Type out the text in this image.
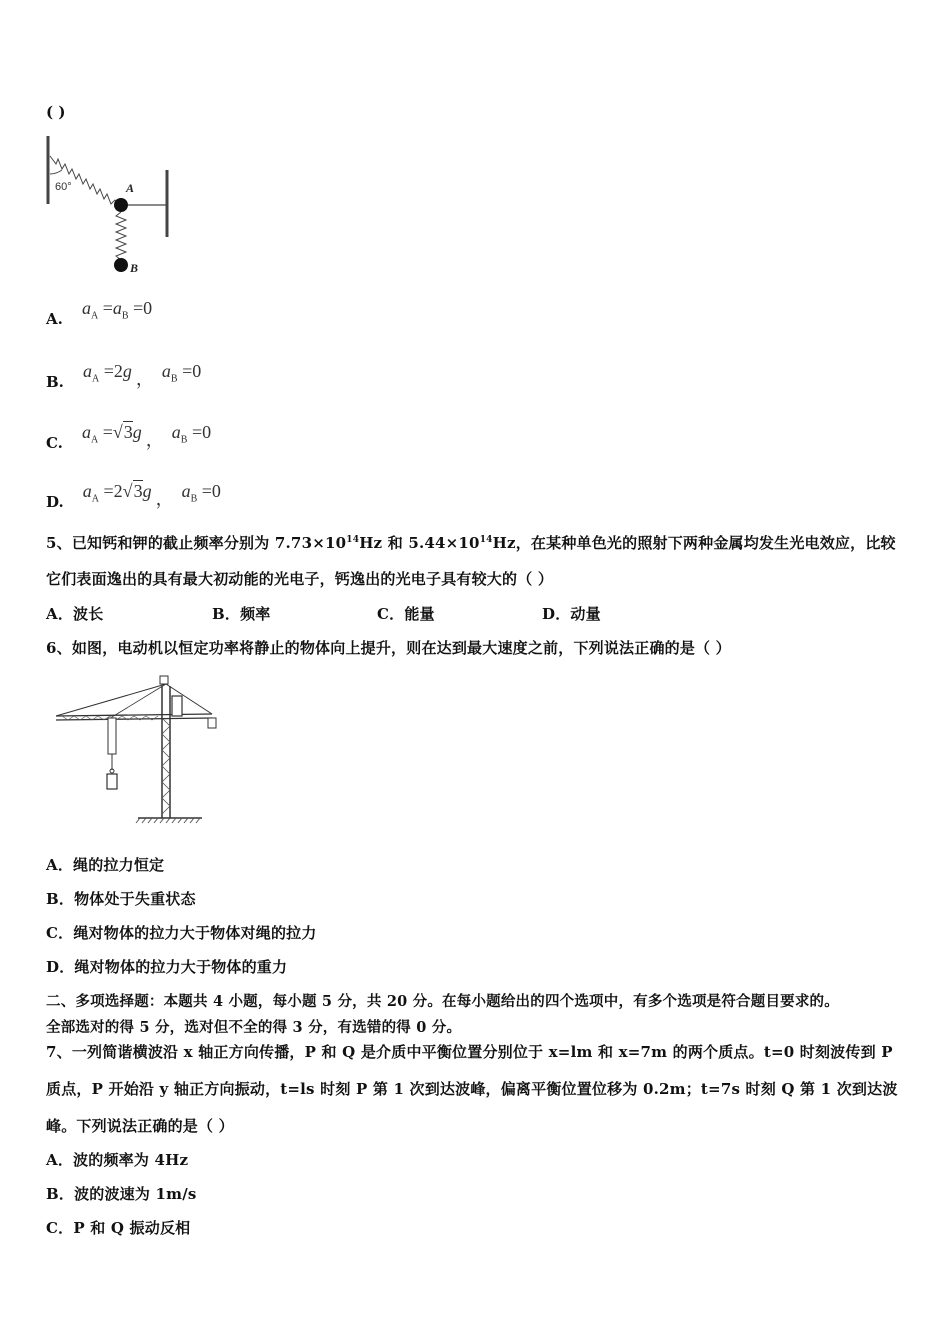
( )
60°	A
B
A. $a_A =a_B =0$
B. $a_A =2g$ ， $a_B =0$
C. $a_A =√3g$ ， $a_B =0$
D. $a_A =2√3g$ ， $a_B =0$
5、已知钙和钾的截止频率分别为 $7.73\times 10^{14}Hz$ 和 $5.44\times 10^{14}Hz$，在某种单色光的照射下两种金属均发生光电效应，比较
它们表面逸出的具有最大初动能的光电子，钙逸出的光电子具有较大的（ ）
A．波长	B．频率	C．能量	D．动量
6、如图，电动机以恒定功率将静止的物体向上提升，则在达到最大速度之前，下列说法正确的是（ ）
A．绳的拉力恒定
B．物体处于失重状态
C．绳对物体的拉力大于物体对绳的拉力
D．绳对物体的拉力大于物体的重力
二、多项选择题：本题共 4 小题，每小题 5 分，共 20 分。在每小题给出的四个选项中，有多个选项是符合题目要求的。
全部选对的得 5 分，选对但不全的得 3 分，有选错的得 0 分。
7、一列简谐横波沿 x 轴正方向传播，P 和 Q 是介质中平衡位置分别位于 x=lm 和 x=7m 的两个质点。t=0 时刻波传到 P
质点，P 开始沿 y 轴正方向振动，t=ls 时刻 P 第 1 次到达波峰，偏离平衡位置位移为 0.2m；t=7s 时刻 Q 第 1 次到达波
峰。下列说法正确的是（ ）
A．波的频率为 4Hz
B．波的波速为 1m/s
C．P 和 Q 振动反相
